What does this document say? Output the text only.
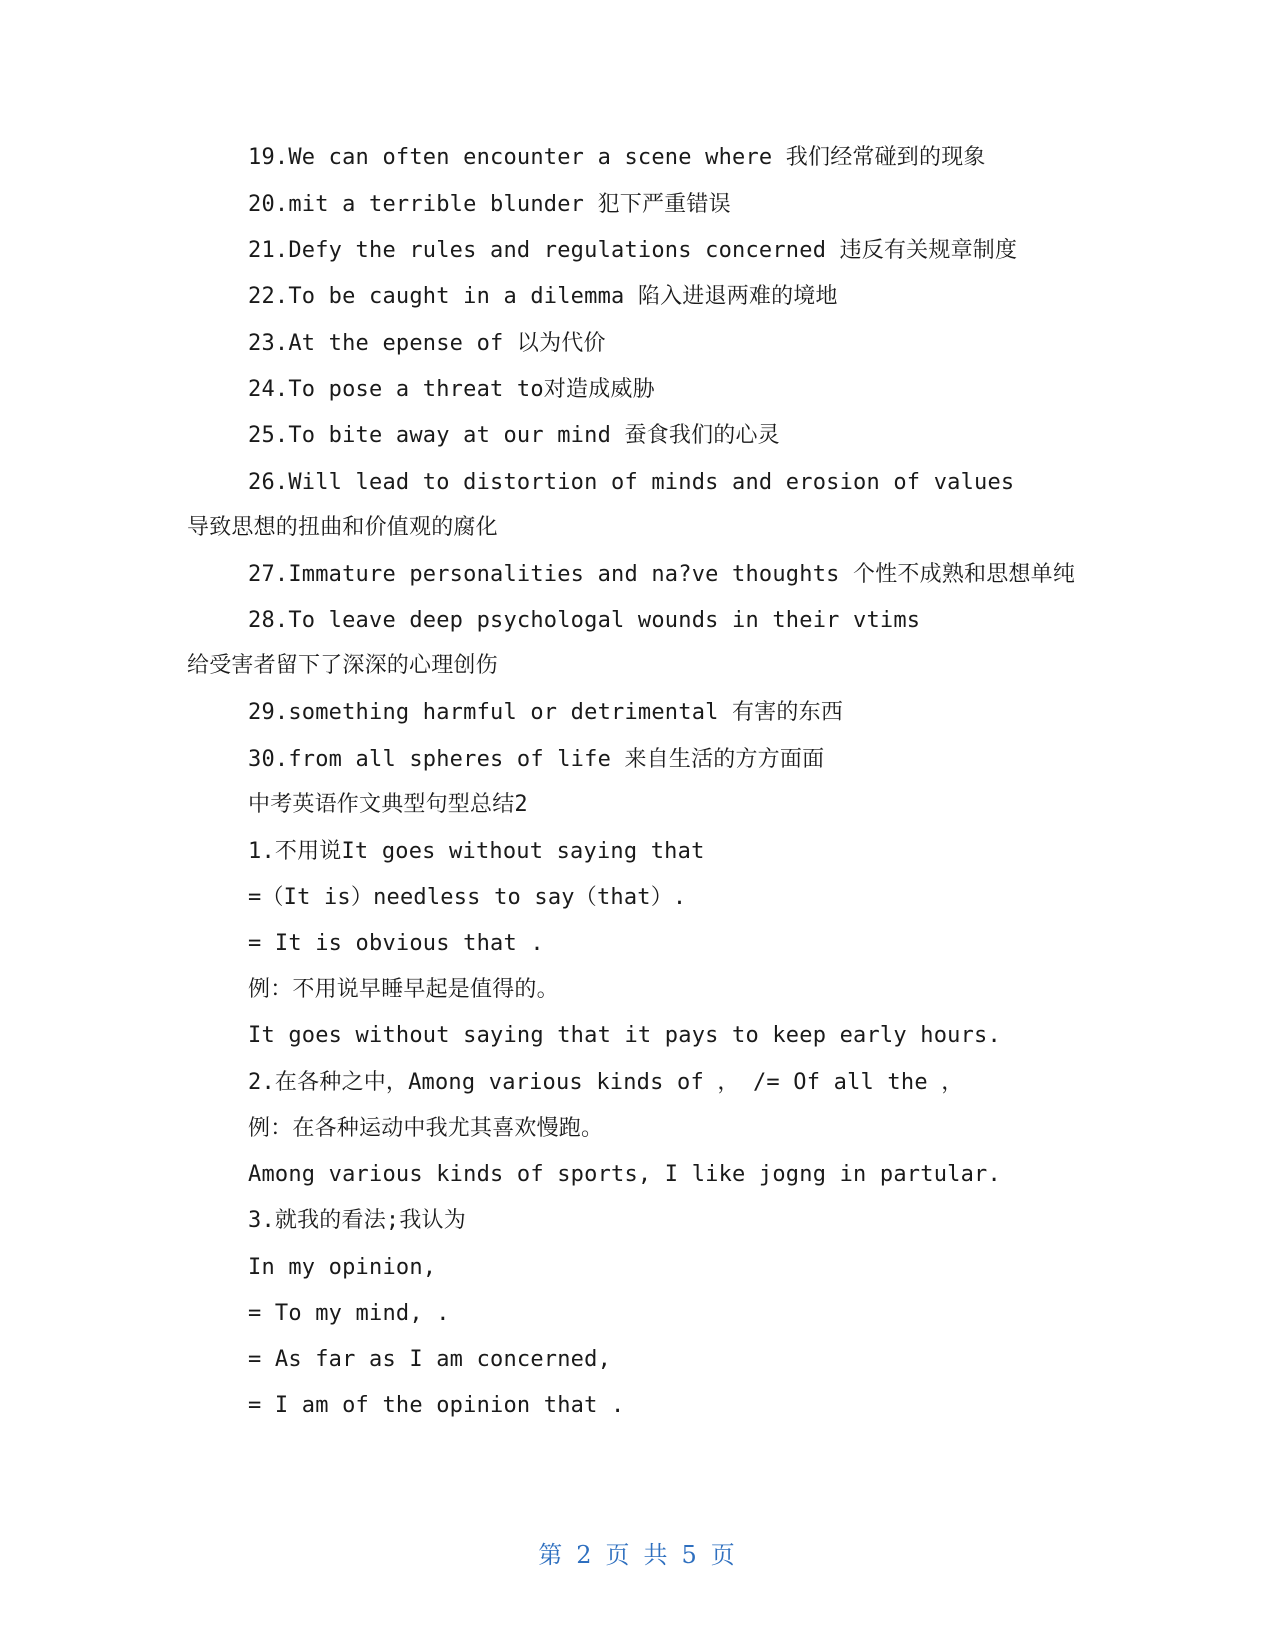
19.We can often encounter a scene where 我们经常碰到的现象
20.mit a terrible blunder 犯下严重错误
21.Defy the rules and regulations concerned 违反有关规章制度
22.To be caught in a dilemma 陷入进退两难的境地
23.At the epense of 以为代价
24.To pose a threat to对造成威胁
25.To bite away at our mind 蚕食我们的心灵
26.Will lead to distortion of minds and erosion of values
导致思想的扭曲和价值观的腐化
27.Immature personalities and na?ve thoughts 个性不成熟和思想单纯
28.To leave deep psychologal wounds in their vtims
给受害者留下了深深的心理创伤
29.something harmful or detrimental 有害的东西
30.from all spheres of life 来自生活的方方面面
中考英语作文典型句型总结2
1.不用说It goes without saying that
=（It is）needless to say（that）.
= It is obvious that .
例：不用说早睡早起是值得的。
It goes without saying that it pays to keep early hours.
2.在各种之中，Among various kinds of ， /= Of all the ，
例：在各种运动中我尤其喜欢慢跑。
Among various kinds of sports, I like jogng in partular.
3.就我的看法;我认为
In my opinion,
= To my mind, .
= As far as I am concerned,
= I am of the opinion that .
第 2 页 共 5 页
